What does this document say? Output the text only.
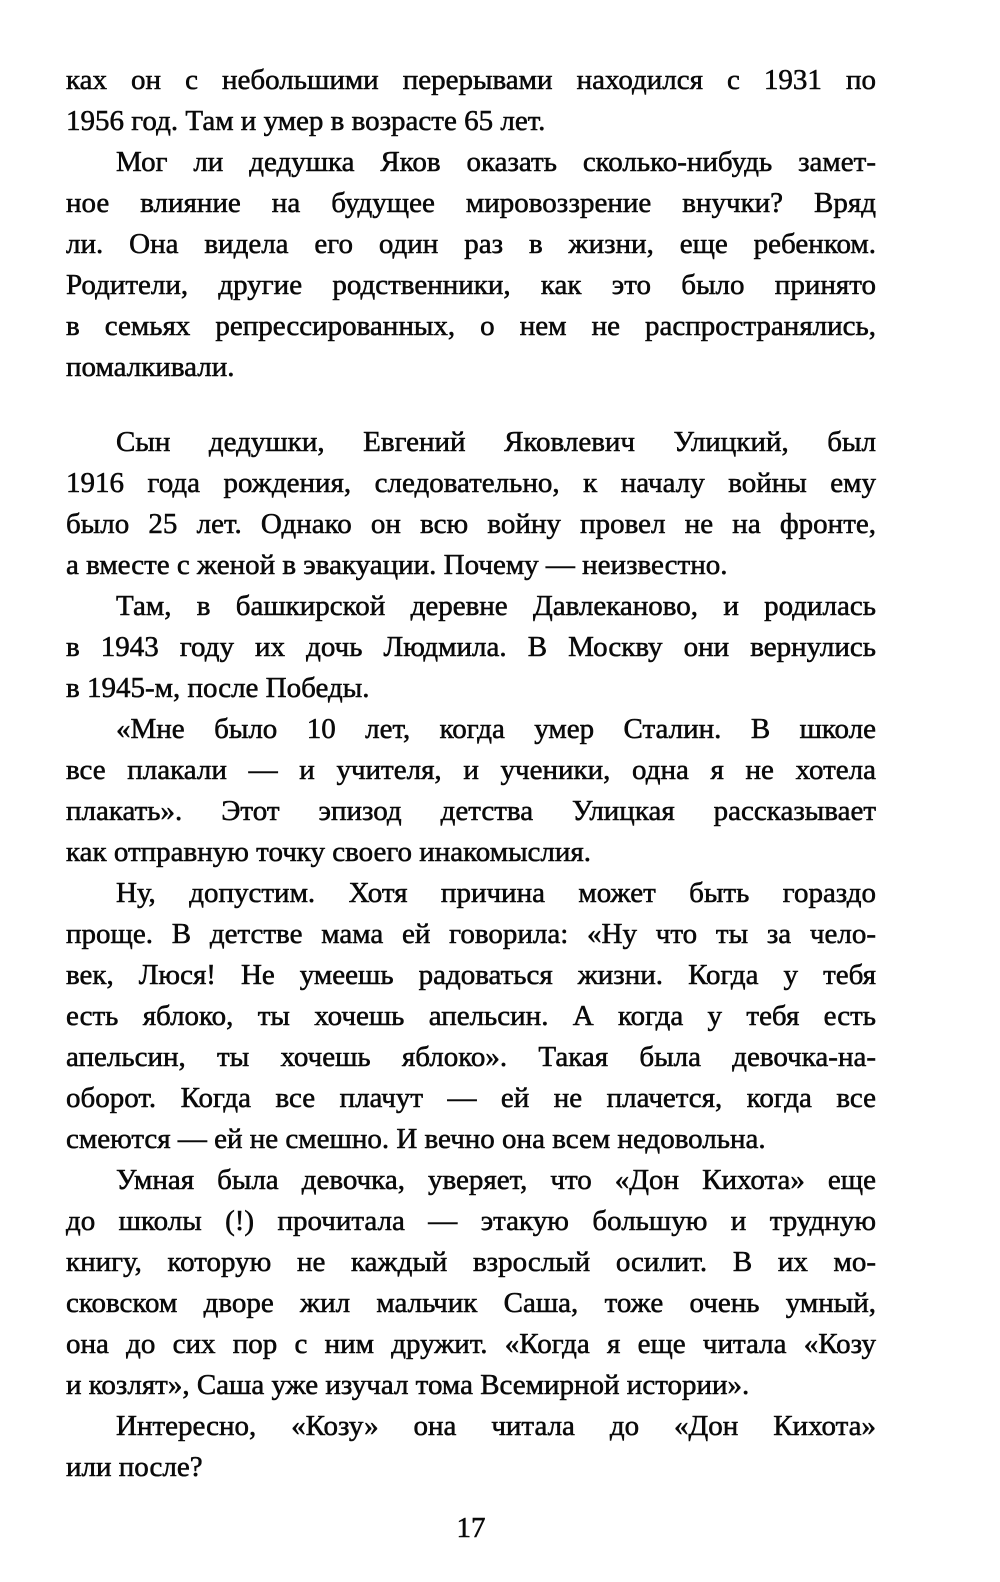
ках он с небольшими перерывами находился с 1931 по
1956 год. Там и умер в возрасте 65 лет.
Мог ли дедушка Яков оказать сколько-нибудь замет-
ное влияние на будущее мировоззрение внучки? Вряд
ли. Она видела его один раз в жизни, еще ребенком.
Родители, другие родственники, как это было принято
в семьях репрессированных, о нем не распространялись,
помалкивали.
Сын дедушки, Евгений Яковлевич Улицкий, был
1916 года рождения, следовательно, к началу войны ему
было 25 лет. Однако он всю войну провел не на фронте,
а вместе с женой в эвакуации. Почему — неизвестно.
Там, в башкирской деревне Давлеканово, и родилась
в 1943 году их дочь Людмила. В Москву они вернулись
в 1945-м, после Победы.
«Мне было 10 лет, когда умер Сталин. В школе
все плакали — и учителя, и ученики, одна я не хотела
плакать». Этот эпизод детства Улицкая рассказывает
как отправную точку своего инакомыслия.
Ну, допустим. Хотя причина может быть гораздо
проще. В детстве мама ей говорила: «Ну что ты за чело-
век, Люся! Не умеешь радоваться жизни. Когда у тебя
есть яблоко, ты хочешь апельсин. А когда у тебя есть
апельсин, ты хочешь яблоко». Такая была девочка-на-
оборот. Когда все плачут — ей не плачется, когда все
смеются — ей не смешно. И вечно она всем недовольна.
Умная была девочка, уверяет, что «Дон Кихота» еще
до школы (!) прочитала — этакую большую и трудную
книгу, которую не каждый взрослый осилит. В их мо-
сковском дворе жил мальчик Саша, тоже очень умный,
она до сих пор с ним дружит. «Когда я еще читала «Козу
и козлят», Саша уже изучал тома Всемирной истории».
Интересно, «Козу» она читала до «Дон Кихота»
или после?
17
